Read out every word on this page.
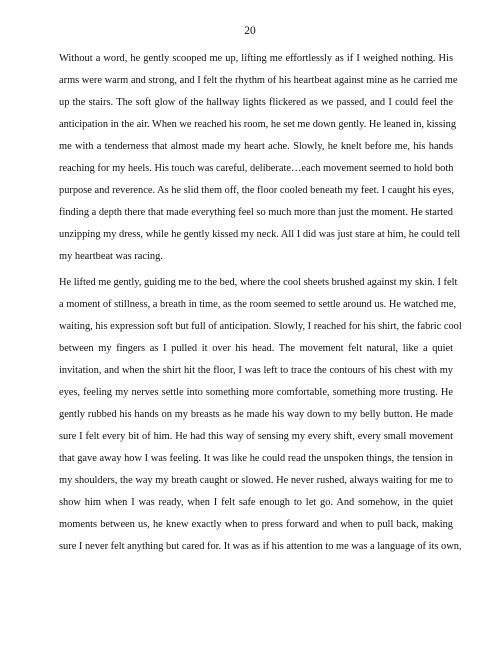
20
Without a word, he gently scooped me up, lifting me effortlessly as if I weighed nothing. His
arms were warm and strong, and I felt the rhythm of his heartbeat against mine as he carried me
up the stairs. The soft glow of the hallway lights flickered as we passed, and I could feel the
anticipation in the air. When we reached his room, he set me down gently. He leaned in, kissing
me with a tenderness that almost made my heart ache. Slowly, he knelt before me, his hands
reaching for my heels. His touch was careful, deliberate…each movement seemed to hold both
purpose and reverence. As he slid them off, the floor cooled beneath my feet. I caught his eyes,
finding a depth there that made everything feel so much more than just the moment. He started
unzipping my dress, while he gently kissed my neck. All I did was just stare at him, he could tell
my heartbeat was racing.
He lifted me gently, guiding me to the bed, where the cool sheets brushed against my skin. I felt
a moment of stillness, a breath in time, as the room seemed to settle around us. He watched me,
waiting, his expression soft but full of anticipation. Slowly, I reached for his shirt, the fabric cool
between my fingers as I pulled it over his head. The movement felt natural, like a quiet
invitation, and when the shirt hit the floor, I was left to trace the contours of his chest with my
eyes, feeling my nerves settle into something more comfortable, something more trusting. He
gently rubbed his hands on my breasts as he made his way down to my belly button. He made
sure I felt every bit of him. He had this way of sensing my every shift, every small movement
that gave away how I was feeling. It was like he could read the unspoken things, the tension in
my shoulders, the way my breath caught or slowed. He never rushed, always waiting for me to
show him when I was ready, when I felt safe enough to let go. And somehow, in the quiet
moments between us, he knew exactly when to press forward and when to pull back, making
sure I never felt anything but cared for. It was as if his attention to me was a language of its own,
